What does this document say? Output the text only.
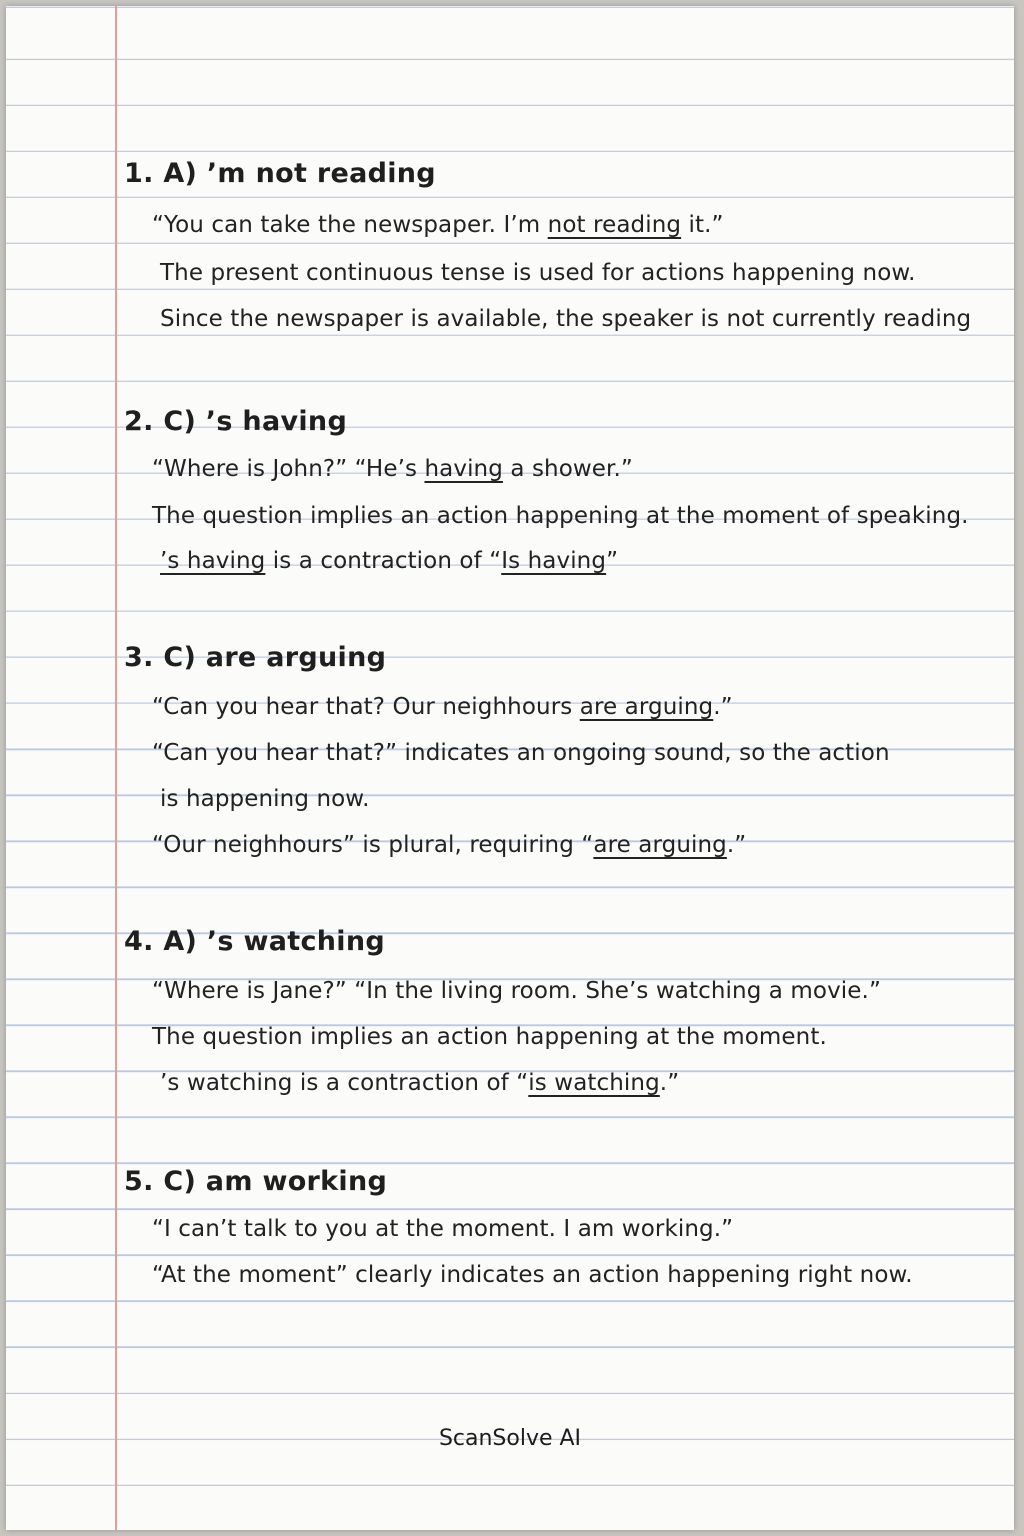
1. A) ’m not reading
“You can take the newspaper. I’m not reading it.”
The present continuous tense is used for actions happening now.
Since the newspaper is available, the speaker is not currently reading
2. C) ’s having
“Where is John?” “He’s having a shower.”
The question implies an action happening at the moment of speaking.
’s having is a contraction of “Is having”
3. C) are arguing
“Can you hear that? Our neighhours are arguing.”
“Can you hear that?” indicates an ongoing sound, so the action
is happening now.
“Our neighhours” is plural, requiring “are arguing.”
4. A) ’s watching
“Where is Jane?” “In the living room. She’s watching a movie.”
The question implies an action happening at the moment.
’s watching is a contraction of “is watching.”
5. C) am working
“I can’t talk to you at the moment. I am working.”
“At the moment” clearly indicates an action happening right now.
ScanSolve AI
